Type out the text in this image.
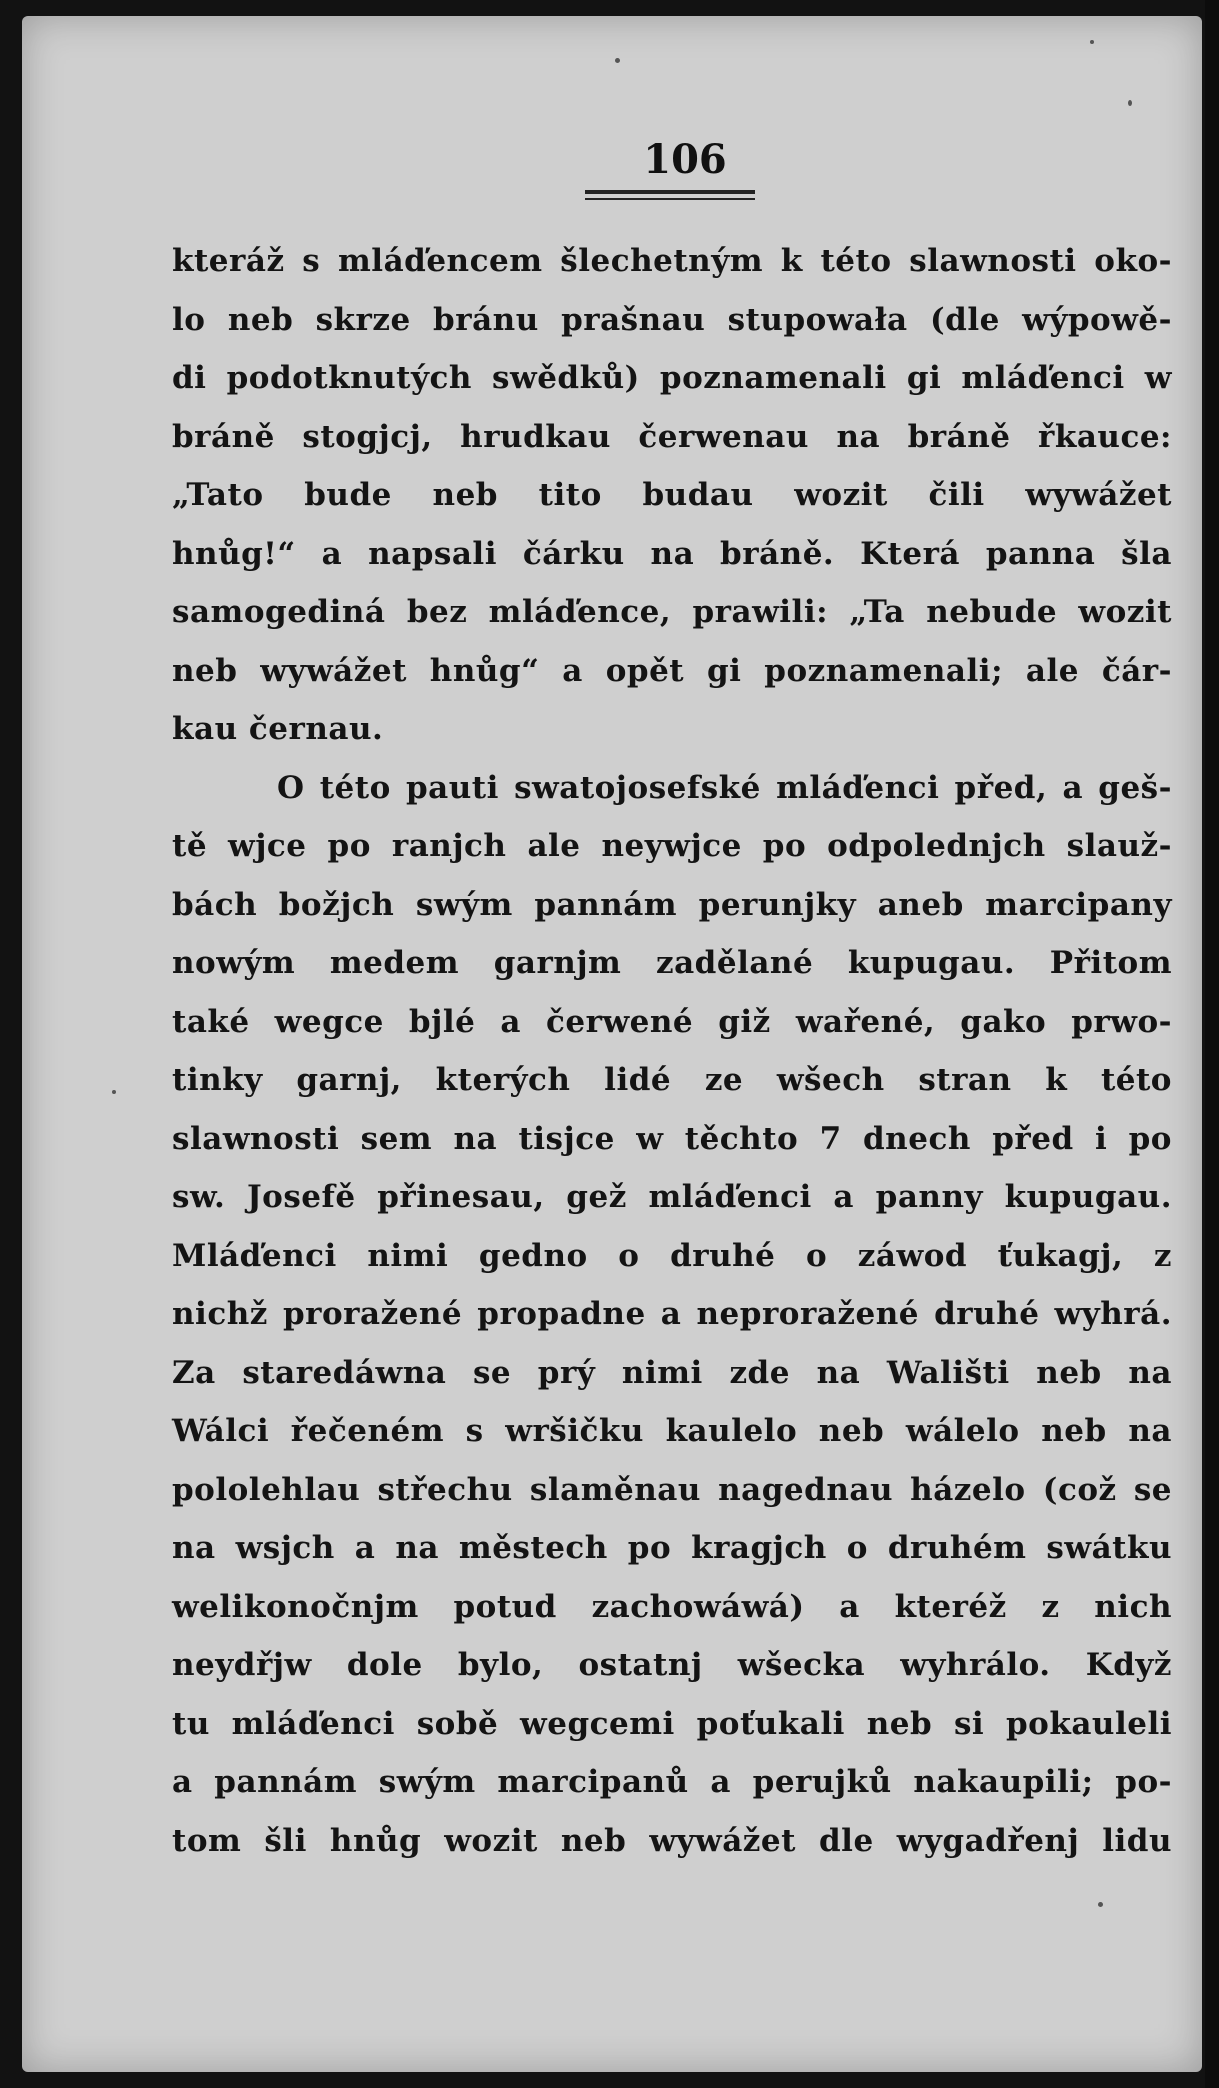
106
kteráž s mláďencem šlechetným k této slawnosti oko-
lo neb skrze bránu prašnau stupowała (dle wýpowě-
di podotknutých swědků) poznamenali gi mláďenci w
bráně stogjcj, hrudkau čerwenau na bráně řkauce:
„Tato bude neb tito budau wozit čili wywážet
hnůg!“ a napsali čárku na bráně. Která panna šla
samogediná bez mláďence, prawili: „Ta nebude wozit
neb wywážet hnůg“ a opět gi poznamenali; ale čár-
kau černau.
O této pauti swatojosefské mláďenci před, a geš-
tě wjce po ranjch ale neywjce po odpolednjch slauž-
bách božjch swým pannám perunjky aneb marcipany
nowým medem garnjm zadělané kupugau. Přitom
také wegce bjlé a čerwené giž wařené, gako prwo-
tinky garnj, kterých lidé ze wšech stran k této
slawnosti sem na tisjce w těchto 7 dnech před i po
sw. Josefě přinesau, gež mláďenci a panny kupugau.
Mláďenci nimi gedno o druhé o záwod ťukagj, z
nichž proražené propadne a neproražené druhé wyhrá.
Za staredáwna se prý nimi zde na Wališti neb na
Wálci řečeném s wršičku kaulelo neb wálelo neb na
pololehlau střechu slaměnau nagednau házelo (což se
na wsjch a na městech po kragjch o druhém swátku
welikonočnjm potud zachowáwá) a kteréž z nich
neydřjw dole bylo, ostatnj wšecka wyhrálo. Když
tu mláďenci sobě wegcemi poťukali neb si pokauleli
a pannám swým marcipanů a perujků nakaupili; po-
tom šli hnůg wozit neb wywážet dle wygadřenj lidu
